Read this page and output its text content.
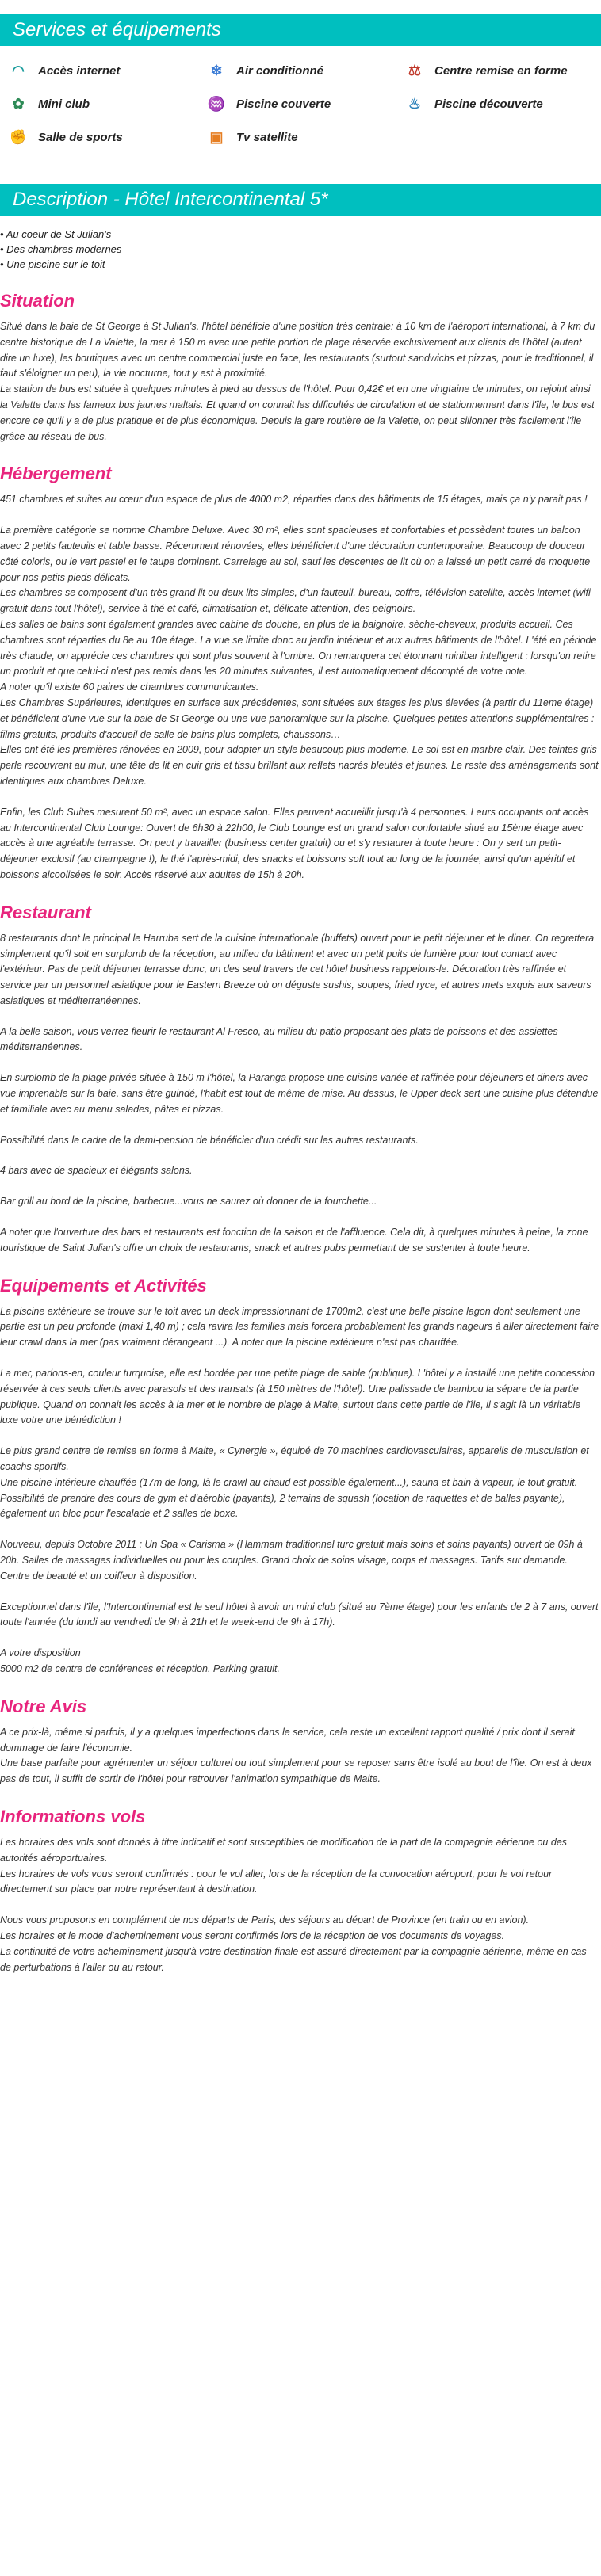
Services et équipements
◠	Accès internet	❄	Air conditionné	⚖	Centre remise en forme
✿	Mini club	♒ Piscine couverte	♨	Piscine découverte
✊ Salle de sports	▣	Tv satellite
Description - Hôtel Intercontinental 5*
• Au coeur de St Julian's
• Des chambres modernes
• Une piscine sur le toit
Situation

Situé dans la baie de St George à St Julian's, l'hôtel bénéficie d'une position très centrale: à 10 km de l'aéroport international, à 7 km du centre historique de La Valette, la mer à 150 m avec une petite portion de plage réservée exclusivement aux clients de l'hôtel (autant dire un luxe), les boutiques avec un centre commercial juste en face, les restaurants (surtout sandwichs et pizzas, pour le traditionnel, il faut s'éloigner un peu), la vie nocturne, tout y est à proximité.

La station de bus est située à quelques minutes à pied au dessus de l'hôtel. Pour 0,42€ et en une vingtaine de minutes, on rejoint ainsi la Valette dans les fameux bus jaunes maltais. Et quand on connait les difficultés de circulation et de stationnement dans l'île, le bus est encore ce qu'il y a de plus pratique et de plus économique. Depuis la gare routière de la Valette, on peut sillonner très facilement l'île grâce au réseau de bus.

Hébergement

451 chambres et suites au cœur d'un espace de plus de 4000 m2, réparties dans des bâtiments de 15 étages, mais ça n'y parait pas !

La première catégorie se nomme Chambre Deluxe. Avec 30 m², elles sont spacieuses et confortables et possèdent toutes un balcon avec 2 petits fauteuils et table basse. Récemment rénovées, elles bénéficient d'une décoration contemporaine. Beaucoup de douceur côté coloris, ou le vert pastel et le taupe dominent. Carrelage au sol, sauf les descentes de lit où on a laissé un petit carré de moquette pour nos petits pieds délicats.

Les chambres se composent d'un très grand lit ou deux lits simples, d'un fauteuil, bureau, coffre, télévision satellite, accès internet (wifi-gratuit dans tout l'hôtel), service à thé et café, climatisation et, délicate attention, des peignoirs.

Les salles de bains sont également grandes avec cabine de douche, en plus de la baignoire, sèche-cheveux, produits accueil. Ces chambres sont réparties du 8e au 10e étage. La vue se limite donc au jardin intérieur et aux autres bâtiments de l'hôtel. L'été en période très chaude, on apprécie ces chambres qui sont plus souvent à l'ombre. On remarquera cet étonnant minibar intelligent : lorsqu'on retire un produit et que celui-ci n'est pas remis dans les 20 minutes suivantes, il est automatiquement décompté de votre note.

A noter qu'il existe 60 paires de chambres communicantes.

Les Chambres Supérieures, identiques en surface aux précédentes, sont situées aux étages les plus élevées (à partir du 11eme étage) et bénéficient d'une vue sur la baie de St George ou une vue panoramique sur la piscine. Quelques petites attentions supplémentaires : films gratuits, produits d'accueil de salle de bains plus complets, chaussons…

Elles ont été les premières rénovées en 2009, pour adopter un style beaucoup plus moderne. Le sol est en marbre clair. Des teintes gris perle recouvrent au mur, une tête de lit en cuir gris et tissu brillant aux reflets nacrés bleutés et jaunes. Le reste des aménagements sont identiques aux chambres Deluxe.

Enfin, les Club Suites mesurent 50 m², avec un espace salon. Elles peuvent accueillir jusqu'à 4 personnes. Leurs occupants ont accès au Intercontinental Club Lounge: Ouvert de 6h30 à 22h00, le Club Lounge est un grand salon confortable situé au 15ème étage avec accès à une agréable terrasse. On peut y travailler (business center gratuit) ou et s'y restaurer à toute heure : On y sert un petit-déjeuner exclusif (au champagne !), le thé l'après-midi, des snacks et boissons soft tout au long de la journée, ainsi qu'un apéritif et boissons alcoolisées le soir. Accès réservé aux adultes de 15h à 20h.

Restaurant

8 restaurants dont le principal le Harruba sert de la cuisine internationale (buffets) ouvert pour le petit déjeuner et le diner. On regrettera simplement qu'il soit en surplomb de la réception, au milieu du bâtiment et avec un petit puits de lumière pour tout contact avec l'extérieur. Pas de petit déjeuner terrasse donc, un des seul travers de cet hôtel business rappelons-le. Décoration très raffinée et service par un personnel asiatique pour le Eastern Breeze où on déguste sushis, soupes, fried ryce, et autres mets exquis aux saveurs asiatiques et méditerranéennes.

A la belle saison, vous verrez fleurir le restaurant Al Fresco, au milieu du patio proposant des plats de poissons et des assiettes méditerranéennes.

En surplomb de la plage privée située à 150 m l'hôtel, la Paranga propose une cuisine variée et raffinée pour déjeuners et diners avec vue imprenable sur la baie, sans être guindé, l'habit est tout de même de mise. Au dessus, le Upper deck sert une cuisine plus détendue et familiale avec au menu salades, pâtes et pizzas.

Possibilité dans le cadre de la demi-pension de bénéficier d'un crédit sur les autres restaurants.

4 bars avec de spacieux et élégants salons.

Bar grill au bord de la piscine, barbecue...vous ne saurez où donner de la fourchette...

A noter que l'ouverture des bars et restaurants est fonction de la saison et de l'affluence. Cela dit, à quelques minutes à peine, la zone touristique de Saint Julian's offre un choix de restaurants, snack et autres pubs permettant de se sustenter à toute heure.

Equipements et Activités

La piscine extérieure se trouve sur le toit avec un deck impressionnant de 1700m2, c'est une belle piscine lagon dont seulement une partie est un peu profonde (maxi 1,40 m) ; cela ravira les familles mais forcera probablement les grands nageurs à aller directement faire leur crawl dans la mer (pas vraiment dérangeant ...). A noter que la piscine extérieure n'est pas chauffée.

La mer, parlons-en, couleur turquoise, elle est bordée par une petite plage de sable (publique). L'hôtel y a installé une petite concession réservée à ces seuls clients avec parasols et des transats (à 150 mètres de l'hôtel). Une palissade de bambou la sépare de la partie publique. Quand on connait les accès à la mer et le nombre de plage à Malte, surtout dans cette partie de l'île, il s'agit là un véritable luxe votre une bénédiction !

Le plus grand centre de remise en forme à Malte, « Cynergie », équipé de 70 machines cardiovasculaires, appareils de musculation et coachs sportifs.

Une piscine intérieure chauffée (17m de long, là le crawl au chaud est possible également...), sauna et bain à vapeur, le tout gratuit.

Possibilité de prendre des cours de gym et d'aérobic (payants), 2 terrains de squash (location de raquettes et de balles payante), également un bloc pour l'escalade et 2 salles de boxe.

Nouveau, depuis Octobre 2011 : Un Spa « Carisma » (Hammam traditionnel turc gratuit mais soins et soins payants) ouvert de 09h à 20h. Salles de massages individuelles ou pour les couples. Grand choix de soins visage, corps et massages. Tarifs sur demande.

Centre de beauté et un coiffeur à disposition.

Exceptionnel dans l'île, l'Intercontinental est le seul hôtel à avoir un mini club (situé au 7ème étage) pour les enfants de 2 à 7 ans, ouvert toute l'année (du lundi au vendredi de 9h à 21h et le week-end de 9h à 17h).

A votre disposition

5000 m2 de centre de conférences et réception. Parking gratuit.

Notre Avis

A ce prix-là, même si parfois, il y a quelques imperfections dans le service, cela reste un excellent rapport qualité / prix dont il serait dommage de faire l'économie.

Une base parfaite pour agrémenter un séjour culturel ou tout simplement pour se reposer sans être isolé au bout de l'île. On est à deux pas de tout, il suffit de sortir de l'hôtel pour retrouver l'animation sympathique de Malte.

Informations vols

Les horaires des vols sont donnés à titre indicatif et sont susceptibles de modification de la part de la compagnie aérienne ou des autorités aéroportuaires.

Les horaires de vols vous seront confirmés : pour le vol aller, lors de la réception de la convocation aéroport, pour le vol retour directement sur place par notre représentant à destination.

Nous vous proposons en complément de nos départs de Paris, des séjours au départ de Province (en train ou en avion).

Les horaires et le mode d'acheminement vous seront confirmés lors de la réception de vos documents de voyages.

La continuité de votre acheminement jusqu'à votre destination finale est assuré directement par la compagnie aérienne, même en cas de perturbations à l'aller ou au retour.
